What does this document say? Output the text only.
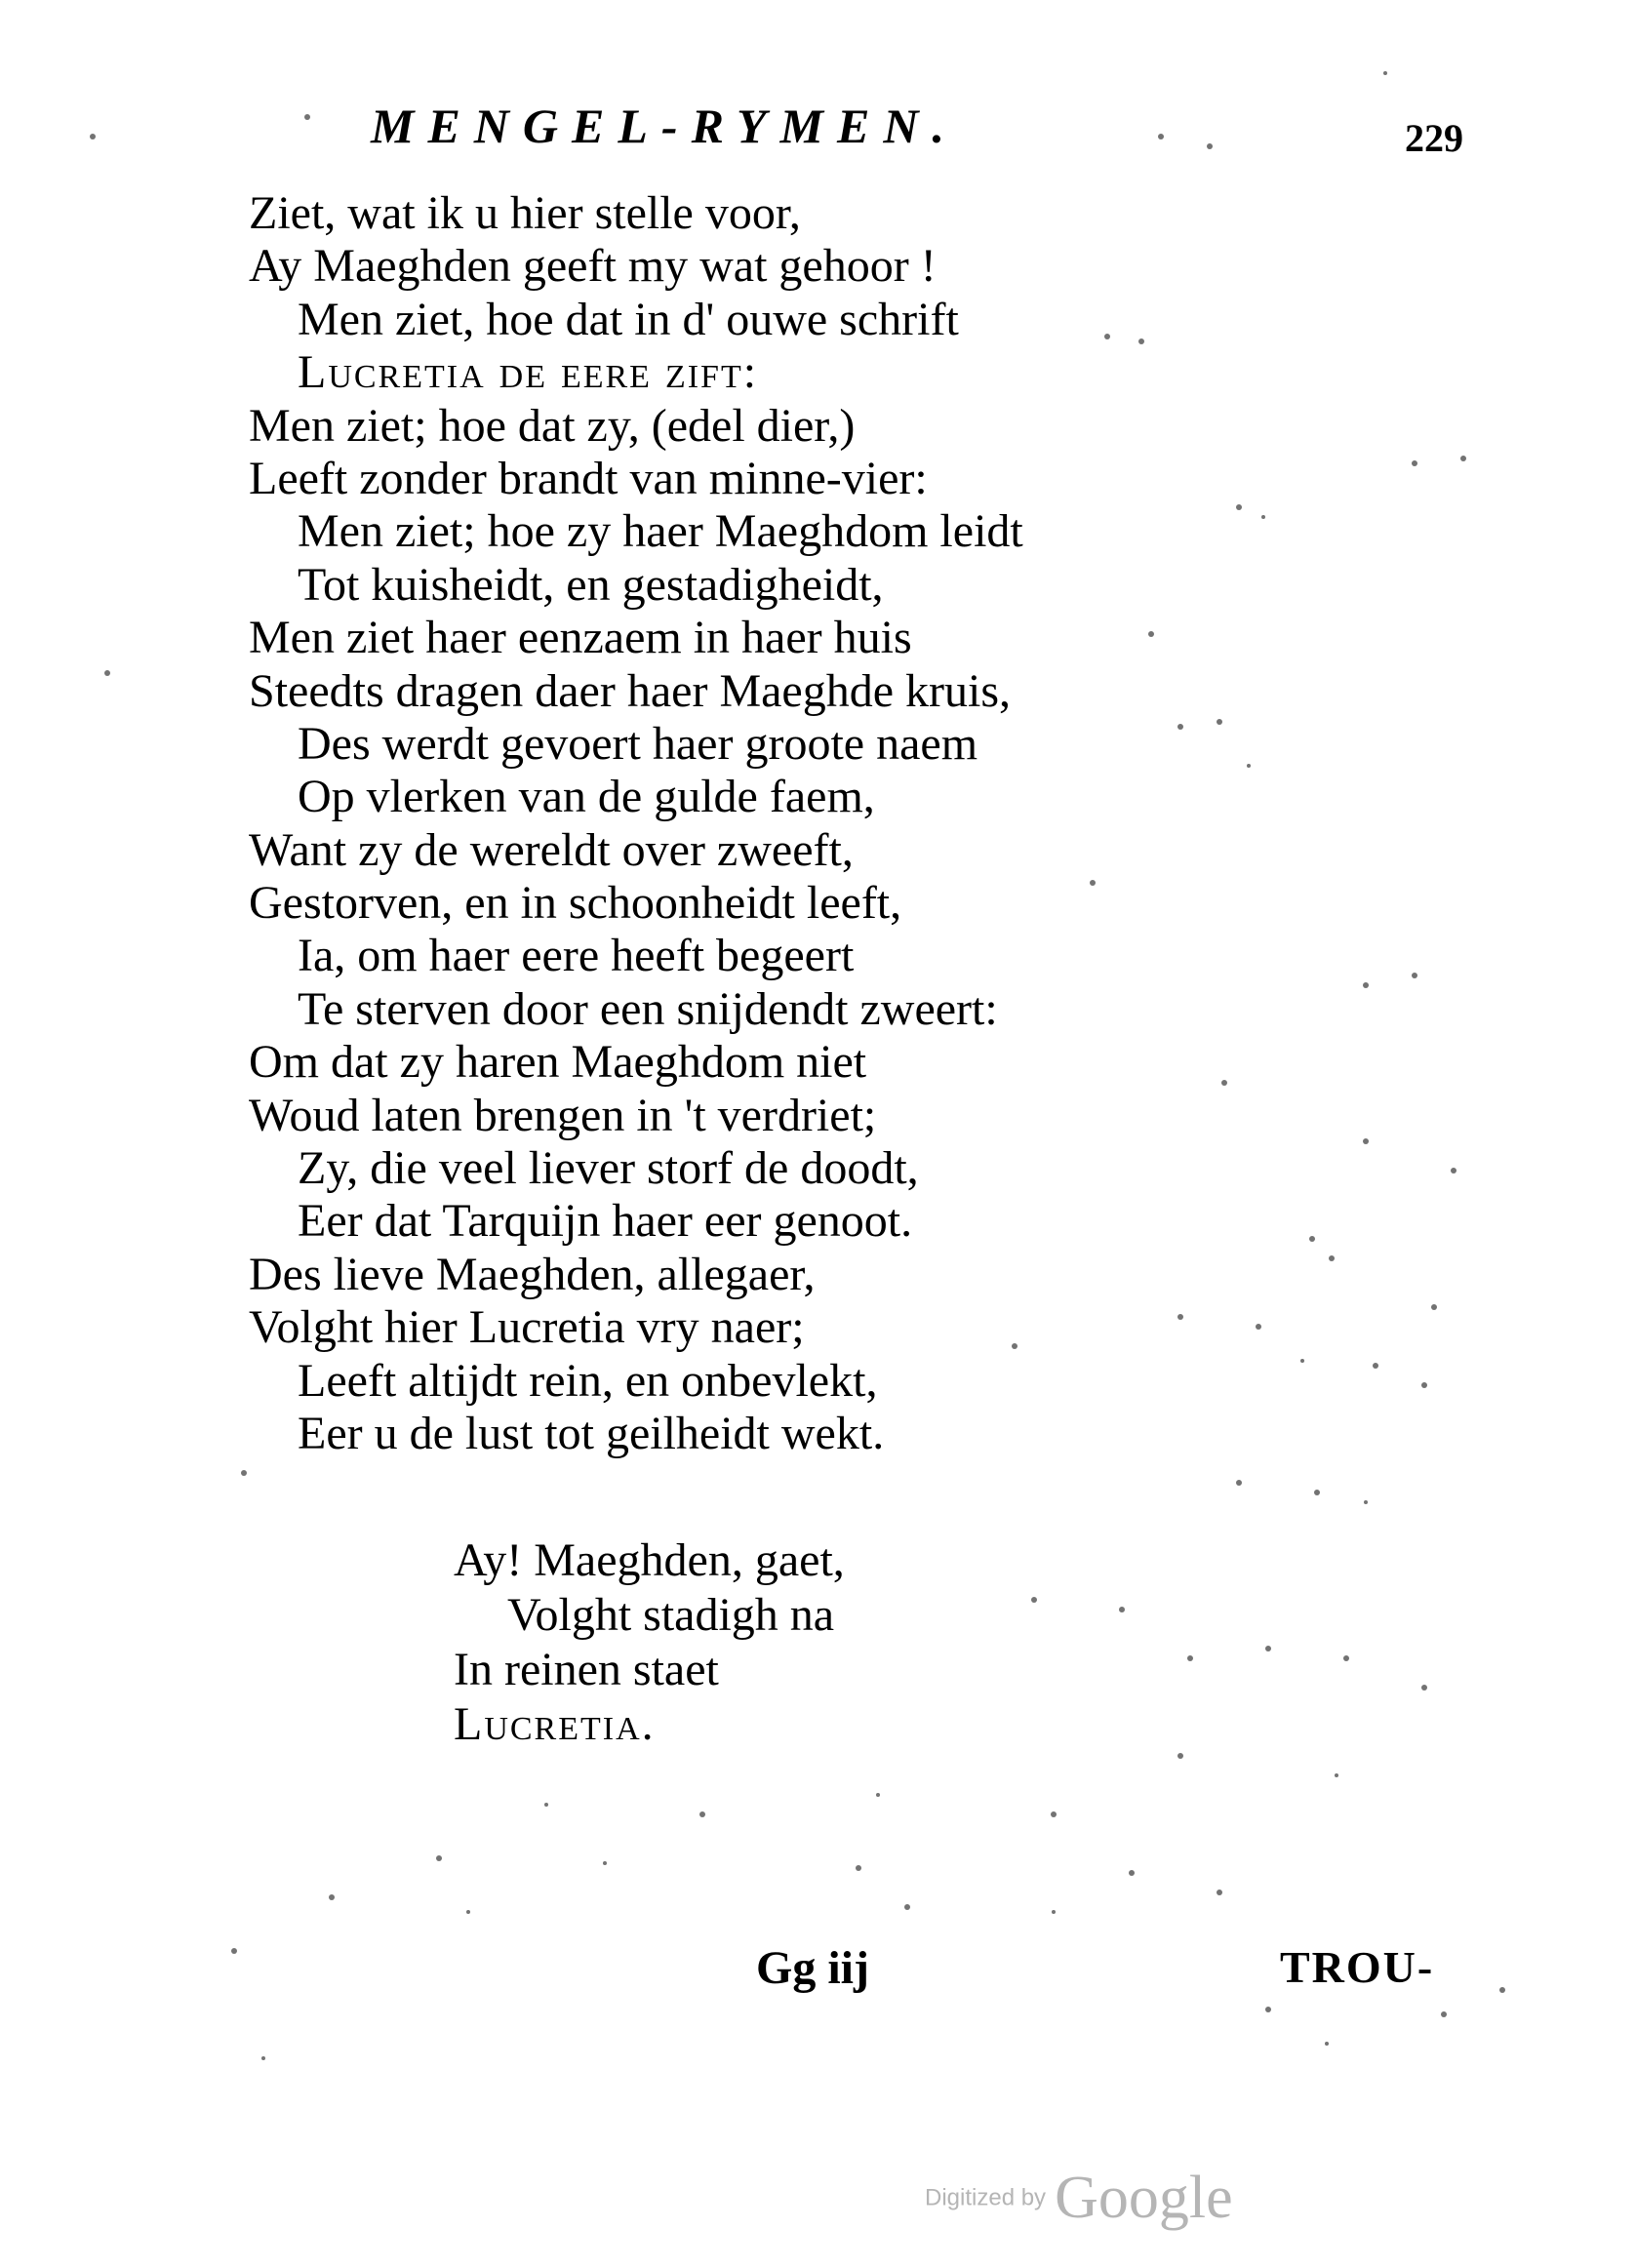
MENGEL-RYMEN.	229
Ziet, wat ik u hier stelle voor,
Ay Maeghden geeft my wat gehoor !
Men ziet, hoe dat in d' ouwe schrift
Lucretia de eere zift:
Men ziet; hoe dat zy, (edel dier,)
Leeft zonder brandt van minne-vier:
Men ziet; hoe zy haer Maeghdom leidt
Tot kuisheidt, en gestadigheidt,
Men ziet haer eenzaem in haer huis
Steedts dragen daer haer Maeghde kruis,
Des werdt gevoert haer groote naem
Op vlerken van de gulde faem,
Want zy de wereldt over zweeft,
Gestorven, en in schoonheidt leeft,
Ia, om haer eere heeft begeert
Te sterven door een snijdendt zweert:
Om dat zy haren Maeghdom niet
Woud laten brengen in 't verdriet;
Zy, die veel liever storf de doodt,
Eer dat Tarquijn haer eer genoot.
Des lieve Maeghden, allegaer,
Volght hier Lucretia vry naer;
Leeft altijdt rein, en onbevlekt,
Eer u de lust tot geilheidt wekt.
Ay! Maeghden, gaet,
Volght stadigh na
In reinen staet
Lucretia.
Gg iij	TROU-
Digitized by Google
